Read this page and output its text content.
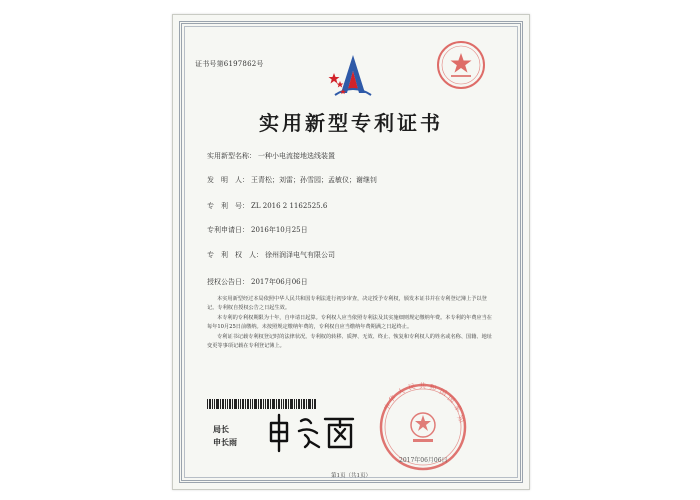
证书号第6197862号
实用新型专利证书
实用新型名称： 一种小电流接地选线装置
发　明　人： 王青松；刘雷；孙雪园；孟敏仪；谢继钊
专　利　号： ZL 2016 2 1162525.6
专利申请日： 2016年10月25日
专　利　权　人： 徐州润泽电气有限公司
授权公告日： 2017年06月06日

本实用新型经过本局依照中华人民共和国专利法进行初步审查，决定授予专利权，颁发本证书并在专利登记簿上予以登记。专利权自授权公告之日起生效。

本专利的专利权期限为十年，自申请日起算。专利权人应当依照专利法及其实施细则规定缴纳年费。本专利的年费应当在每年10月25日前缴纳。未按照规定缴纳年费的，专利权自应当缴纳年费期满之日起终止。

专利证书记载专利权登记时的法律状况。专利权的转移、质押、无效、终止、恢复和专利权人的姓名或名称、国籍、地址变更等事项记载在专利登记簿上。

局长
申长雨
中
华
人 民 共 和 国
国
家
知
2017年06月06日
第1页（共1页）
